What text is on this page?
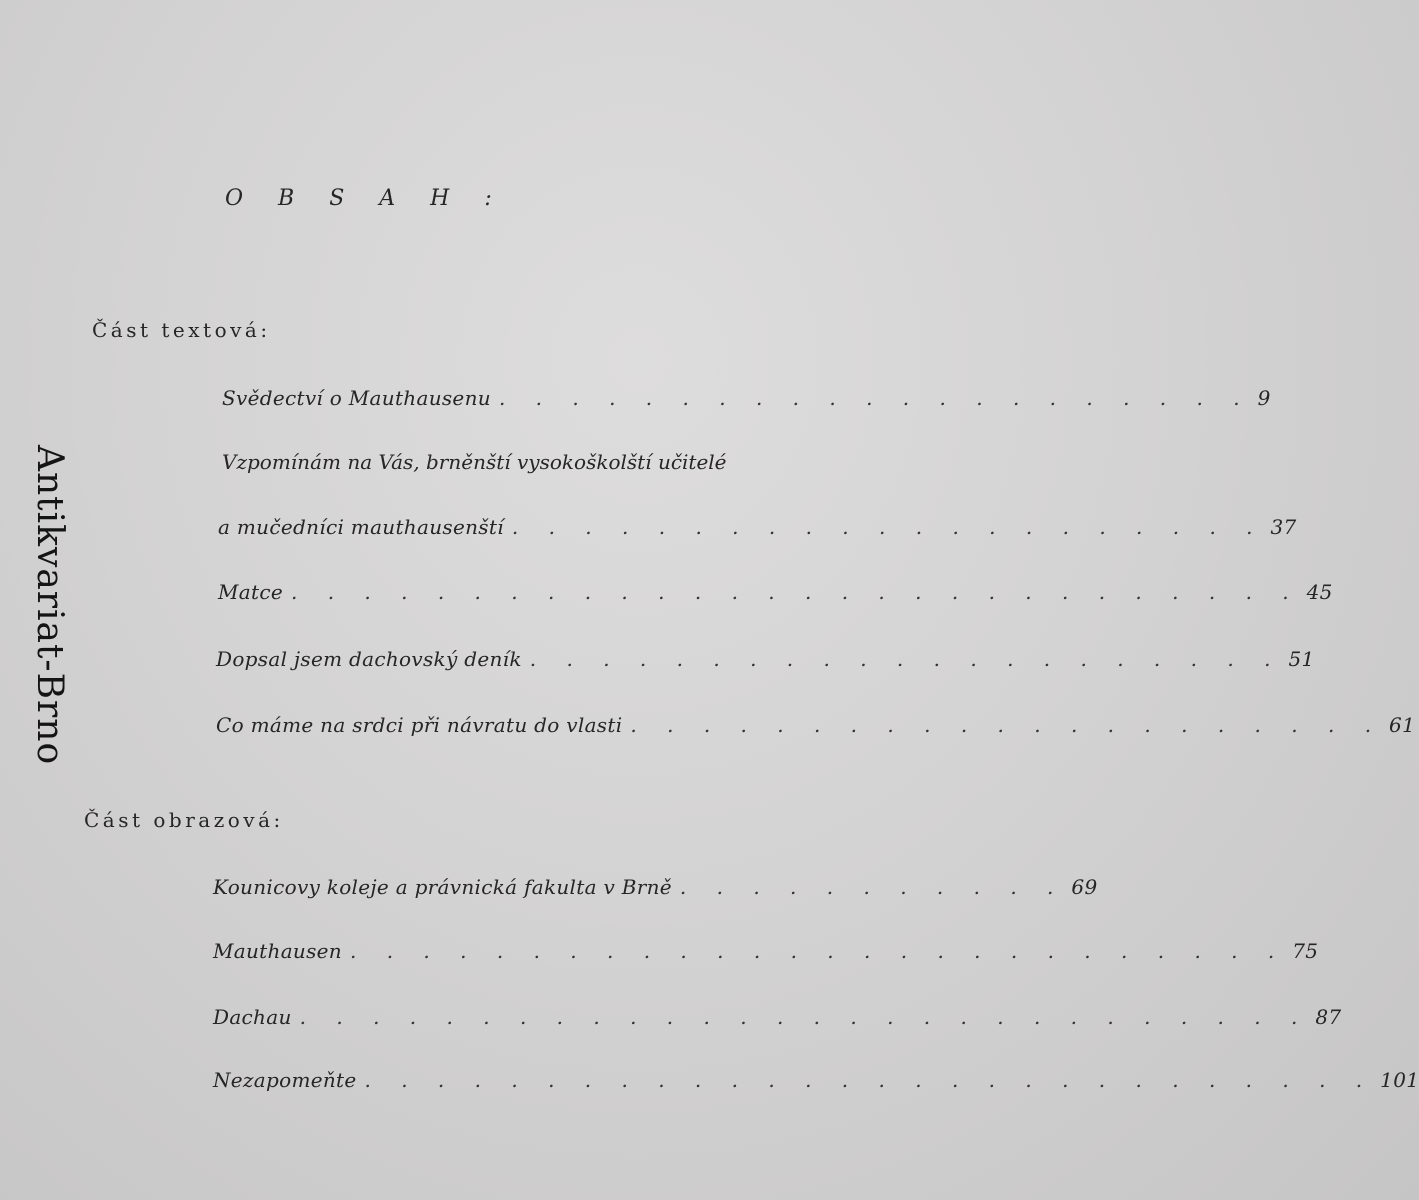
O B S A H :
Antikvariat-Brno
Část textová:
Svědectví o Mauthausenu . . . . . . . . . . . . . . . . . . . . . 9
Vzpomínám na Vás, brněnští vysokoškolští učitelé
a mučedníci mauthausenští . . . . . . . . . . . . . . . . . . . . . 37
Matce . . . . . . . . . . . . . . . . . . . . . . . . . . . . 45
Dopsal jsem dachovský deník . . . . . . . . . . . . . . . . . . . . . 51
Co máme na srdci při návratu do vlasti . . . . . . . . . . . . . . . . . . . . . 61
Část obrazová:
Kounicovy koleje a právnická fakulta v Brně . . . . . . . . . . . 69
Mauthausen . . . . . . . . . . . . . . . . . . . . . . . . . . 75
Dachau . . . . . . . . . . . . . . . . . . . . . . . . . . . . 87
Nezapomeňte . . . . . . . . . . . . . . . . . . . . . . . . . . . . 101
